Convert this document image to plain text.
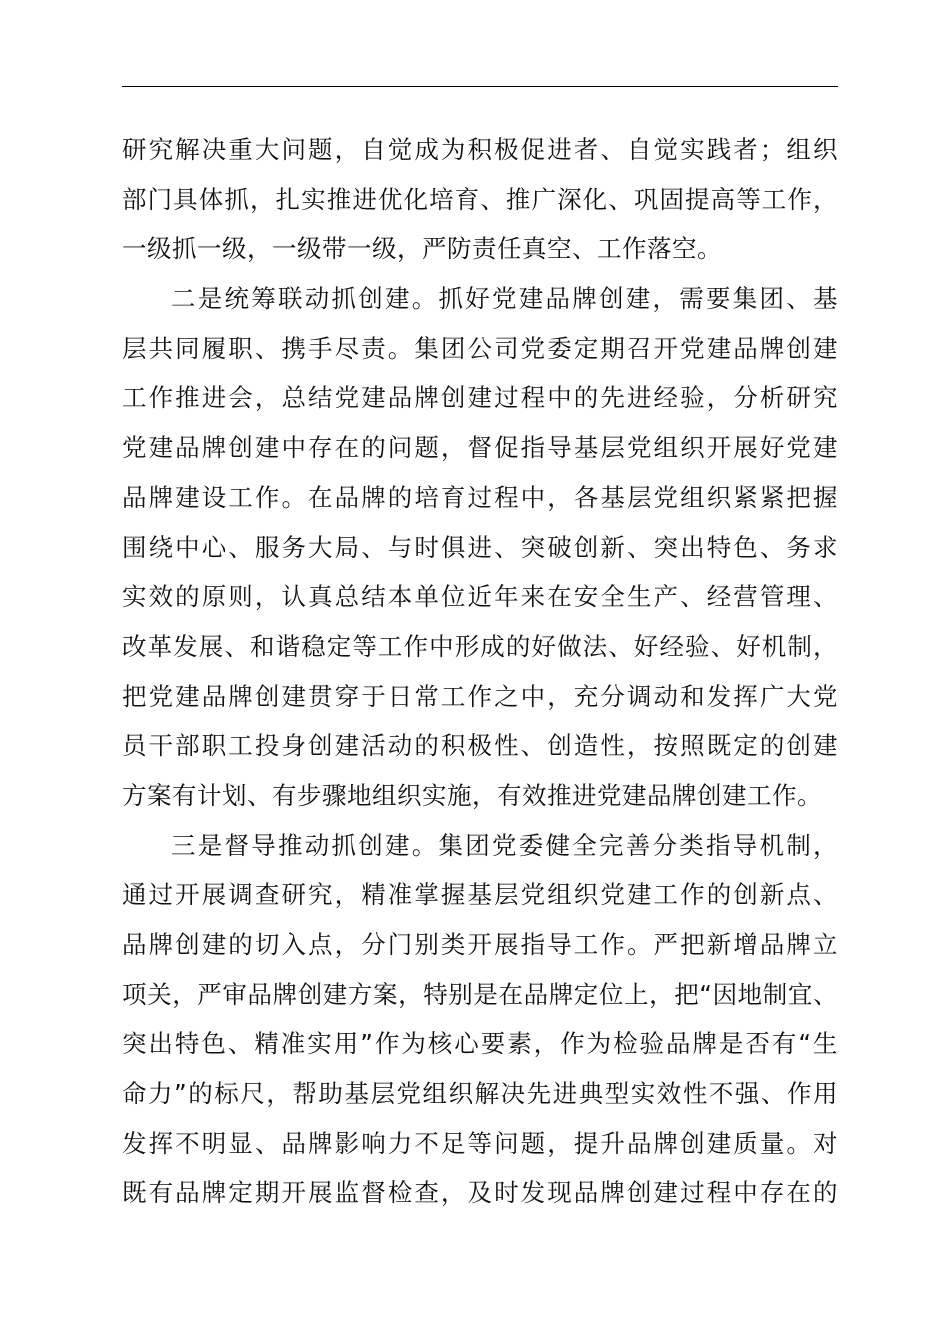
研究解决重大问题，自觉成为积极促进者、自觉实践者；组织
部门具体抓，扎实推进优化培育、推广深化、巩固提高等工作，
一级抓一级，一级带一级，严防责任真空、工作落空。
二是统筹联动抓创建。抓好党建品牌创建，需要集团、基
层共同履职、携手尽责。集团公司党委定期召开党建品牌创建
工作推进会，总结党建品牌创建过程中的先进经验，分析研究
党建品牌创建中存在的问题，督促指导基层党组织开展好党建
品牌建设工作。在品牌的培育过程中，各基层党组织紧紧把握
围绕中心、服务大局、与时俱进、突破创新、突出特色、务求
实效的原则，认真总结本单位近年来在安全生产、经营管理、
改革发展、和谐稳定等工作中形成的好做法、好经验、好机制，
把党建品牌创建贯穿于日常工作之中，充分调动和发挥广大党
员干部职工投身创建活动的积极性、创造性，按照既定的创建
方案有计划、有步骤地组织实施，有效推进党建品牌创建工作。
三是督导推动抓创建。集团党委健全完善分类指导机制，
通过开展调查研究，精准掌握基层党组织党建工作的创新点、
品牌创建的切入点，分门别类开展指导工作。严把新增品牌立
项关，严审品牌创建方案，特别是在品牌定位上，把“因地制宜、
突出特色、精准实用”作为核心要素，作为检验品牌是否有“生
命力”的标尺，帮助基层党组织解决先进典型实效性不强、作用
发挥不明显、品牌影响力不足等问题，提升品牌创建质量。对
既有品牌定期开展监督检查，及时发现品牌创建过程中存在的
